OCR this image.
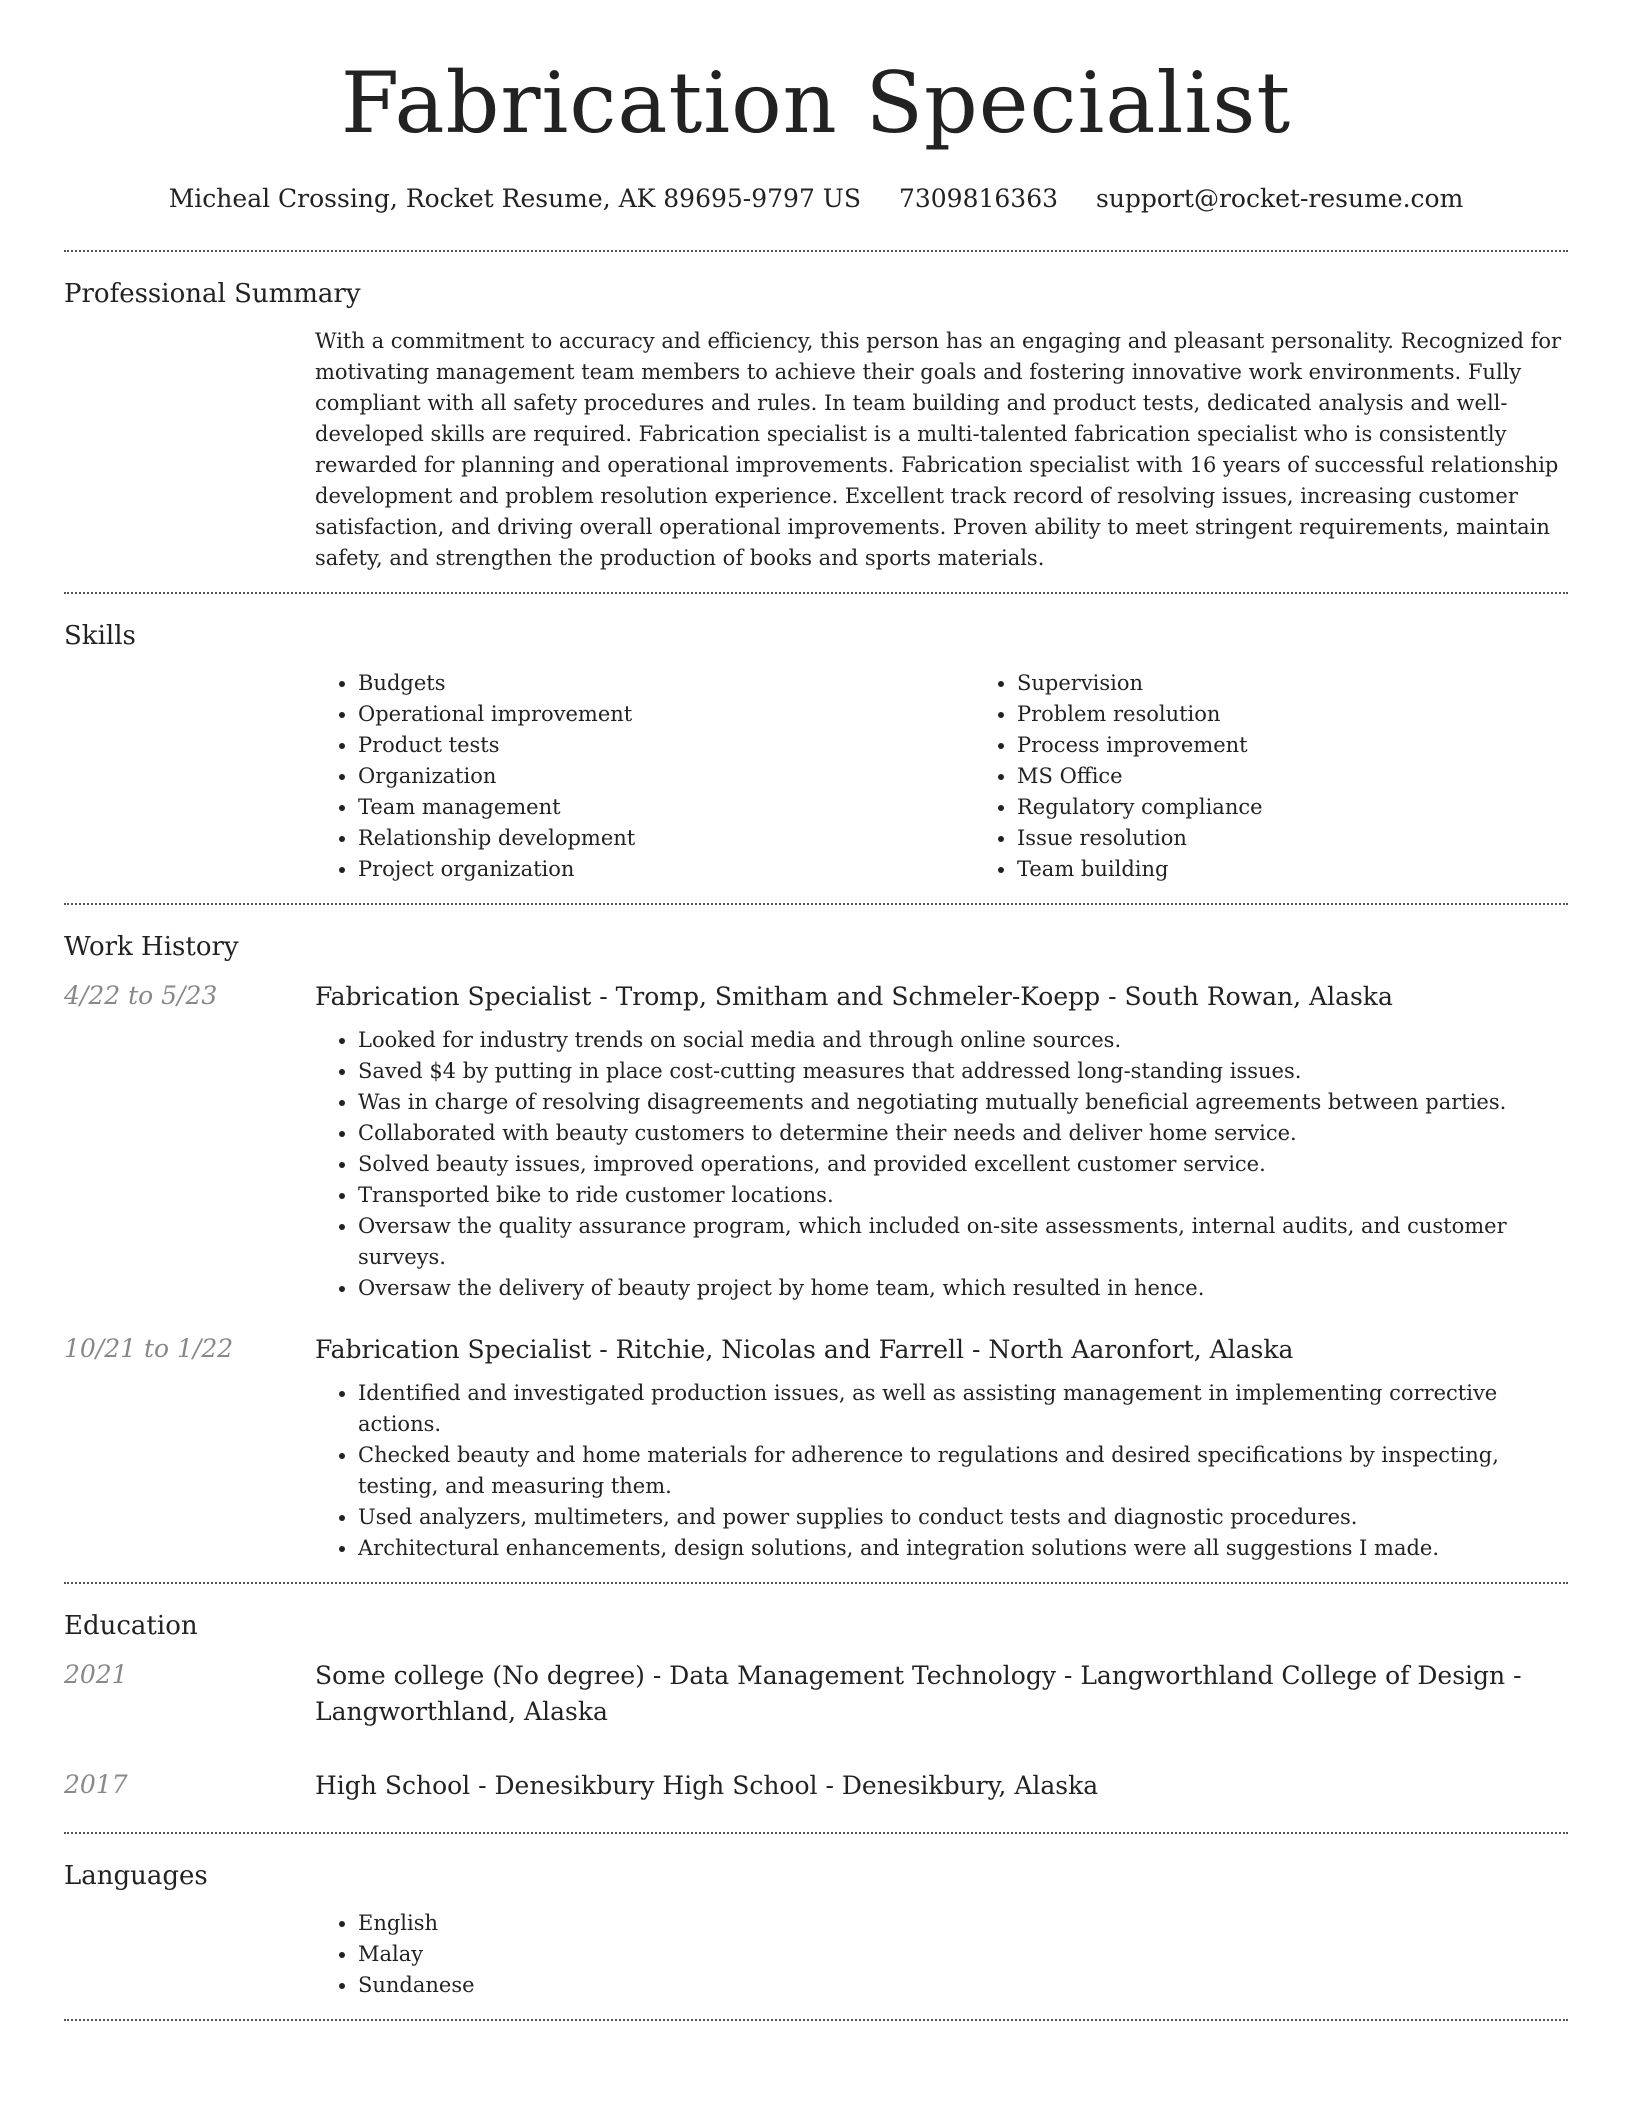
Fabrication Specialist
Micheal Crossing, Rocket Resume, AK 89695-9797 US 7309816363 support@rocket-resume.com
Professional Summary
With a commitment to accuracy and efficiency, this person has an engaging and pleasant personality. Recognized for motivating management team members to achieve their goals and fostering innovative work environments. Fully compliant with all safety procedures and rules. In team building and product tests, dedicated analysis and well-developed skills are required. Fabrication specialist is a multi-talented fabrication specialist who is consistently rewarded for planning and operational improvements. Fabrication specialist with 16 years of successful relationship development and problem resolution experience. Excellent track record of resolving issues, increasing customer satisfaction, and driving overall operational improvements. Proven ability to meet stringent requirements, maintain safety, and strengthen the production of books and sports materials.
Skills
• Budgets
• Operational improvement
• Product tests
• Organization
• Team management
• Relationship development
• Project organization
• Supervision
• Problem resolution
• Process improvement
• MS Office
• Regulatory compliance
• Issue resolution
• Team building
Work History
4/22 to 5/23	Fabrication Specialist - Tromp, Smitham and Schmeler-Koepp - South Rowan, Alaska
• Looked for industry trends on social media and through online sources.
• Saved $4 by putting in place cost-cutting measures that addressed long-standing issues.
• Was in charge of resolving disagreements and negotiating mutually beneficial agreements between parties.
• Collaborated with beauty customers to determine their needs and deliver home service.
• Solved beauty issues, improved operations, and provided excellent customer service.
• Transported bike to ride customer locations.
• Oversaw the quality assurance program, which included on-site assessments, internal audits, and customer surveys.
• Oversaw the delivery of beauty project by home team, which resulted in hence.
10/21 to 1/22	Fabrication Specialist - Ritchie, Nicolas and Farrell - North Aaronfort, Alaska
• Identified and investigated production issues, as well as assisting management in implementing corrective actions.
• Checked beauty and home materials for adherence to regulations and desired specifications by inspecting, testing, and measuring them.
• Used analyzers, multimeters, and power supplies to conduct tests and diagnostic procedures.
• Architectural enhancements, design solutions, and integration solutions were all suggestions I made.
Education
2021	Some college (No degree) - Data Management Technology - Langworthland College of Design - Langworthland, Alaska
2017	High School - Denesikbury High School - Denesikbury, Alaska
Languages
• English
• Malay
• Sundanese
